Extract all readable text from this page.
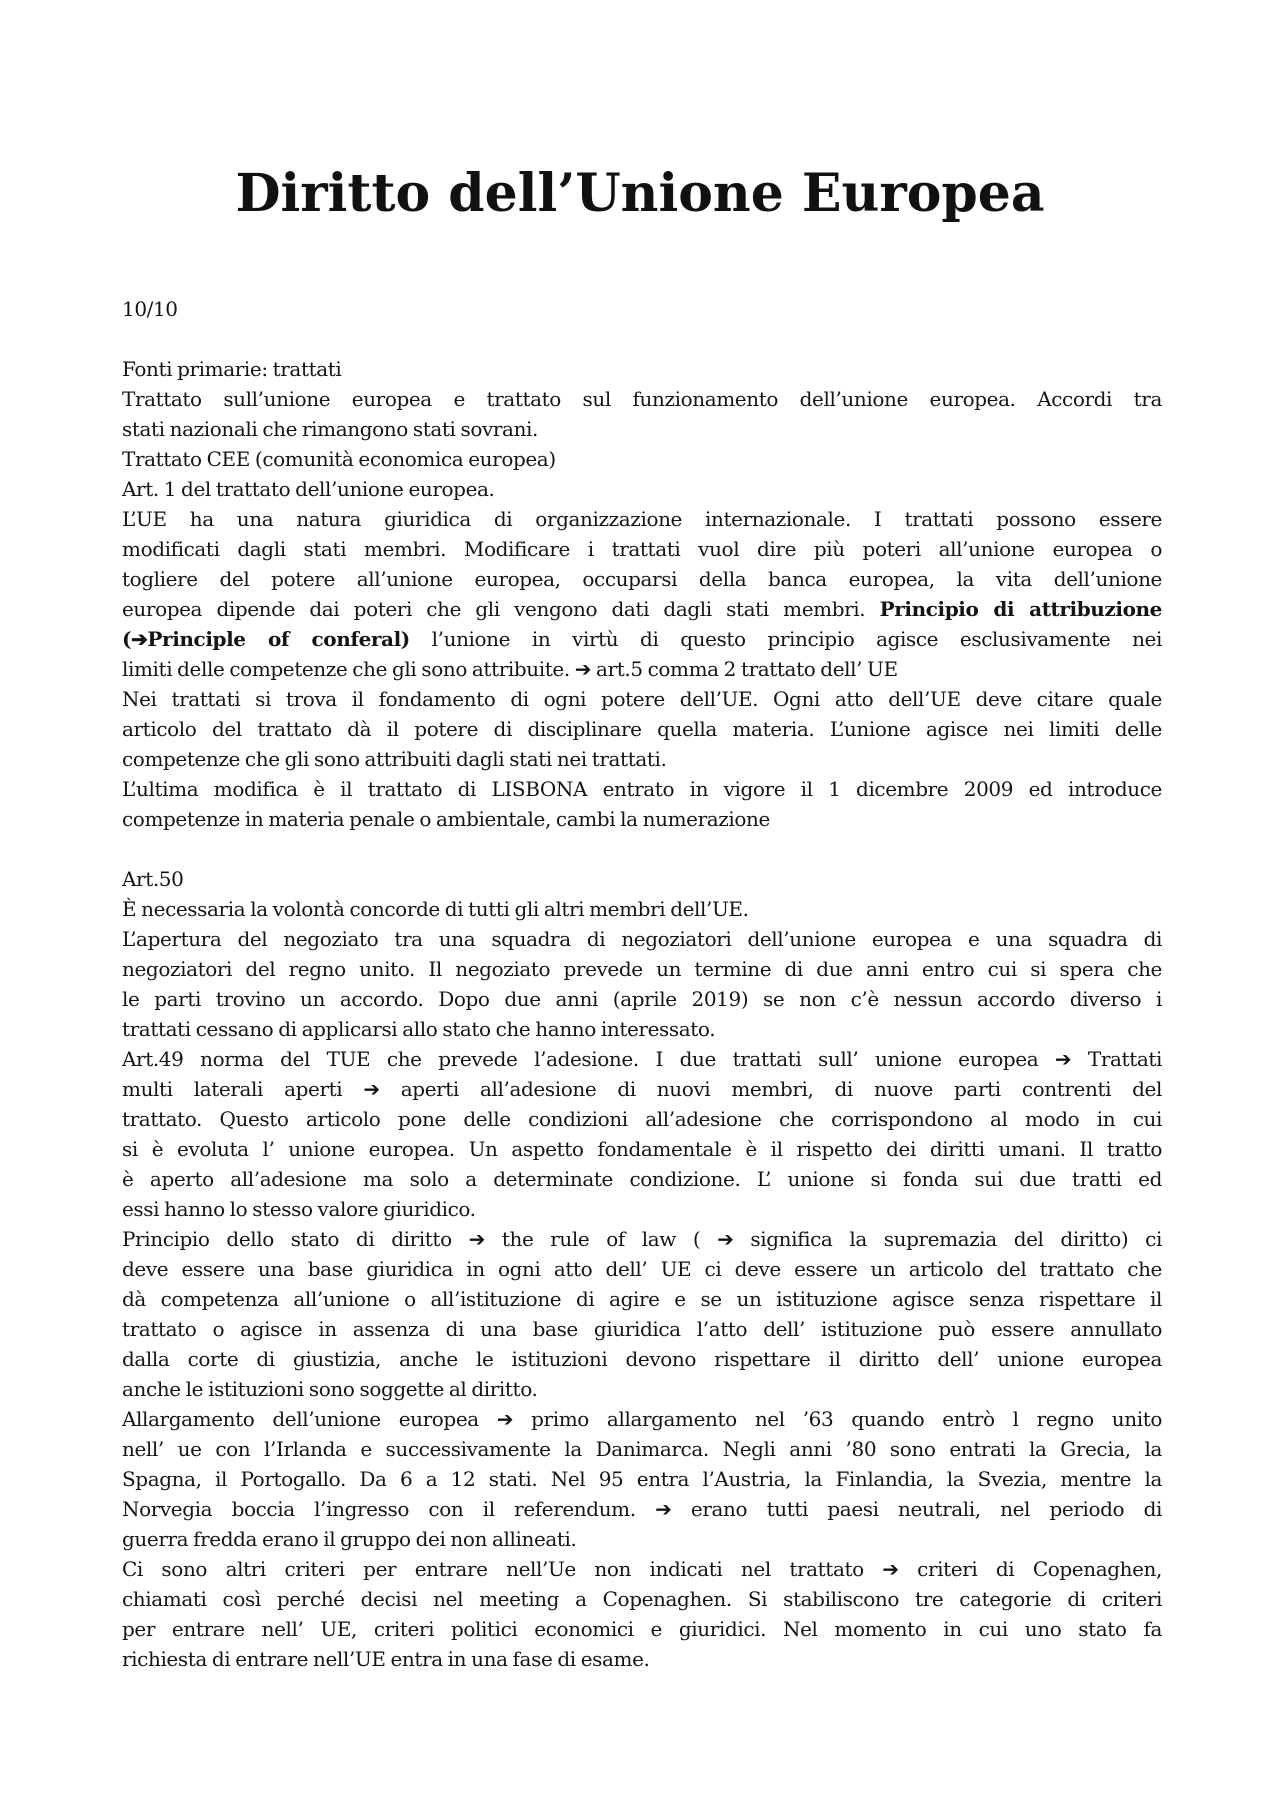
Diritto dell’Unione Europea
10/10
Fonti primarie: trattati
Trattato sull’unione europea e trattato sul funzionamento dell’unione europea. Accordi tra
stati nazionali che rimangono stati sovrani.
Trattato CEE (comunità economica europea)
Art. 1 del trattato dell’unione europea.
L’UE ha una natura giuridica di organizzazione internazionale. I trattati possono essere
modificati dagli stati membri. Modificare i trattati vuol dire più poteri all’unione europea o
togliere del potere all’unione europea, occuparsi della banca europea, la vita dell’unione
europea dipende dai poteri che gli vengono dati dagli stati membri. Principio di attribuzione
(➔Principle of conferal) l’unione in virtù di questo principio agisce esclusivamente nei
limiti delle competenze che gli sono attribuite. ➔ art.5 comma 2 trattato dell’ UE
Nei trattati si trova il fondamento di ogni potere dell’UE. Ogni atto dell’UE deve citare quale
articolo del trattato dà il potere di disciplinare quella materia. L’unione agisce nei limiti delle
competenze che gli sono attribuiti dagli stati nei trattati.
L’ultima modifica è il trattato di LISBONA entrato in vigore il 1 dicembre 2009 ed introduce
competenze in materia penale o ambientale, cambi la numerazione
Art.50
È necessaria la volontà concorde di tutti gli altri membri dell’UE.
L’apertura del negoziato tra una squadra di negoziatori dell’unione europea e una squadra di
negoziatori del regno unito. Il negoziato prevede un termine di due anni entro cui si spera che
le parti trovino un accordo. Dopo due anni (aprile 2019) se non c’è nessun accordo diverso i
trattati cessano di applicarsi allo stato che hanno interessato.
Art.49 norma del TUE che prevede l’adesione. I due trattati sull’ unione europea ➔ Trattati
multi laterali aperti ➔ aperti all’adesione di nuovi membri, di nuove parti contrenti del
trattato. Questo articolo pone delle condizioni all’adesione che corrispondono al modo in cui
si è evoluta l’ unione europea. Un aspetto fondamentale è il rispetto dei diritti umani. Il tratto
è aperto all’adesione ma solo a determinate condizione. L’ unione si fonda sui due tratti ed
essi hanno lo stesso valore giuridico.
Principio dello stato di diritto ➔ the rule of law ( ➔ significa la supremazia del diritto) ci
deve essere una base giuridica in ogni atto dell’ UE ci deve essere un articolo del trattato che
dà competenza all’unione o all’istituzione di agire e se un istituzione agisce senza rispettare il
trattato o agisce in assenza di una base giuridica l’atto dell’ istituzione può essere annullato
dalla corte di giustizia, anche le istituzioni devono rispettare il diritto dell’ unione europea
anche le istituzioni sono soggette al diritto.
Allargamento dell’unione europea ➔ primo allargamento nel ’63 quando entrò l regno unito
nell’ ue con l’Irlanda e successivamente la Danimarca. Negli anni ’80 sono entrati la Grecia, la
Spagna, il Portogallo. Da 6 a 12 stati. Nel 95 entra l’Austria, la Finlandia, la Svezia, mentre la
Norvegia boccia l’ingresso con il referendum. ➔ erano tutti paesi neutrali, nel periodo di
guerra fredda erano il gruppo dei non allineati.
Ci sono altri criteri per entrare nell’Ue non indicati nel trattato ➔ criteri di Copenaghen,
chiamati così perché decisi nel meeting a Copenaghen. Si stabiliscono tre categorie di criteri
per entrare nell’ UE, criteri politici economici e giuridici. Nel momento in cui uno stato fa
richiesta di entrare nell’UE entra in una fase di esame.
